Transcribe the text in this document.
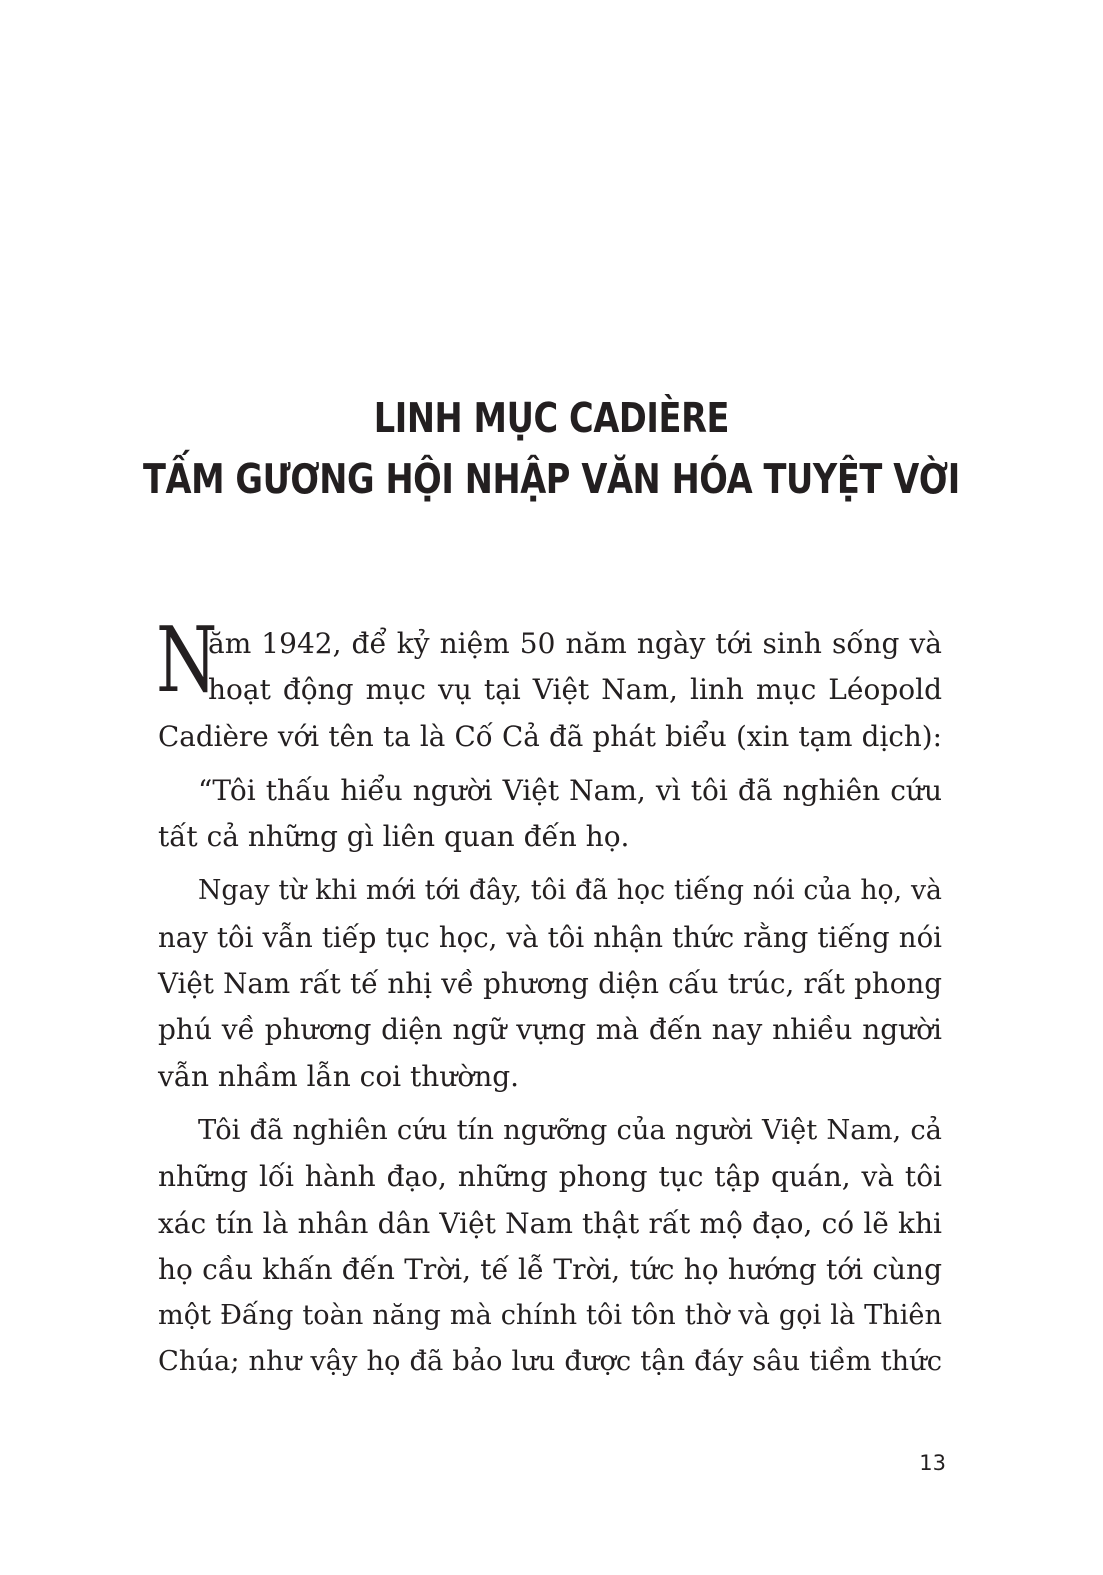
LINH MỤC CADIÈRE
TẤM GƯƠNG HỘI NHẬP VĂN HÓA TUYỆT VỜI
N
ăm 1942, để kỷ niệm 50 năm ngày tới sinh sống và
hoạt động mục vụ tại Việt Nam, linh mục Léopold
Cadière với tên ta là Cố Cả đã phát biểu (xin tạm dịch):
“Tôi thấu hiểu người Việt Nam, vì tôi đã nghiên cứu
tất cả những gì liên quan đến họ.
Ngay từ khi mới tới đây, tôi đã học tiếng nói của họ, và
nay tôi vẫn tiếp tục học, và tôi nhận thức rằng tiếng nói
Việt Nam rất tế nhị về phương diện cấu trúc, rất phong
phú về phương diện ngữ vựng mà đến nay nhiều người
vẫn nhầm lẫn coi thường.
Tôi đã nghiên cứu tín ngưỡng của người Việt Nam, cả
những lối hành đạo, những phong tục tập quán, và tôi
xác tín là nhân dân Việt Nam thật rất mộ đạo, có lẽ khi
họ cầu khấn đến Trời, tế lễ Trời, tức họ hướng tới cùng
một Đấng toàn năng mà chính tôi tôn thờ và gọi là Thiên
Chúa; như vậy họ đã bảo lưu được tận đáy sâu tiềm thức
13
